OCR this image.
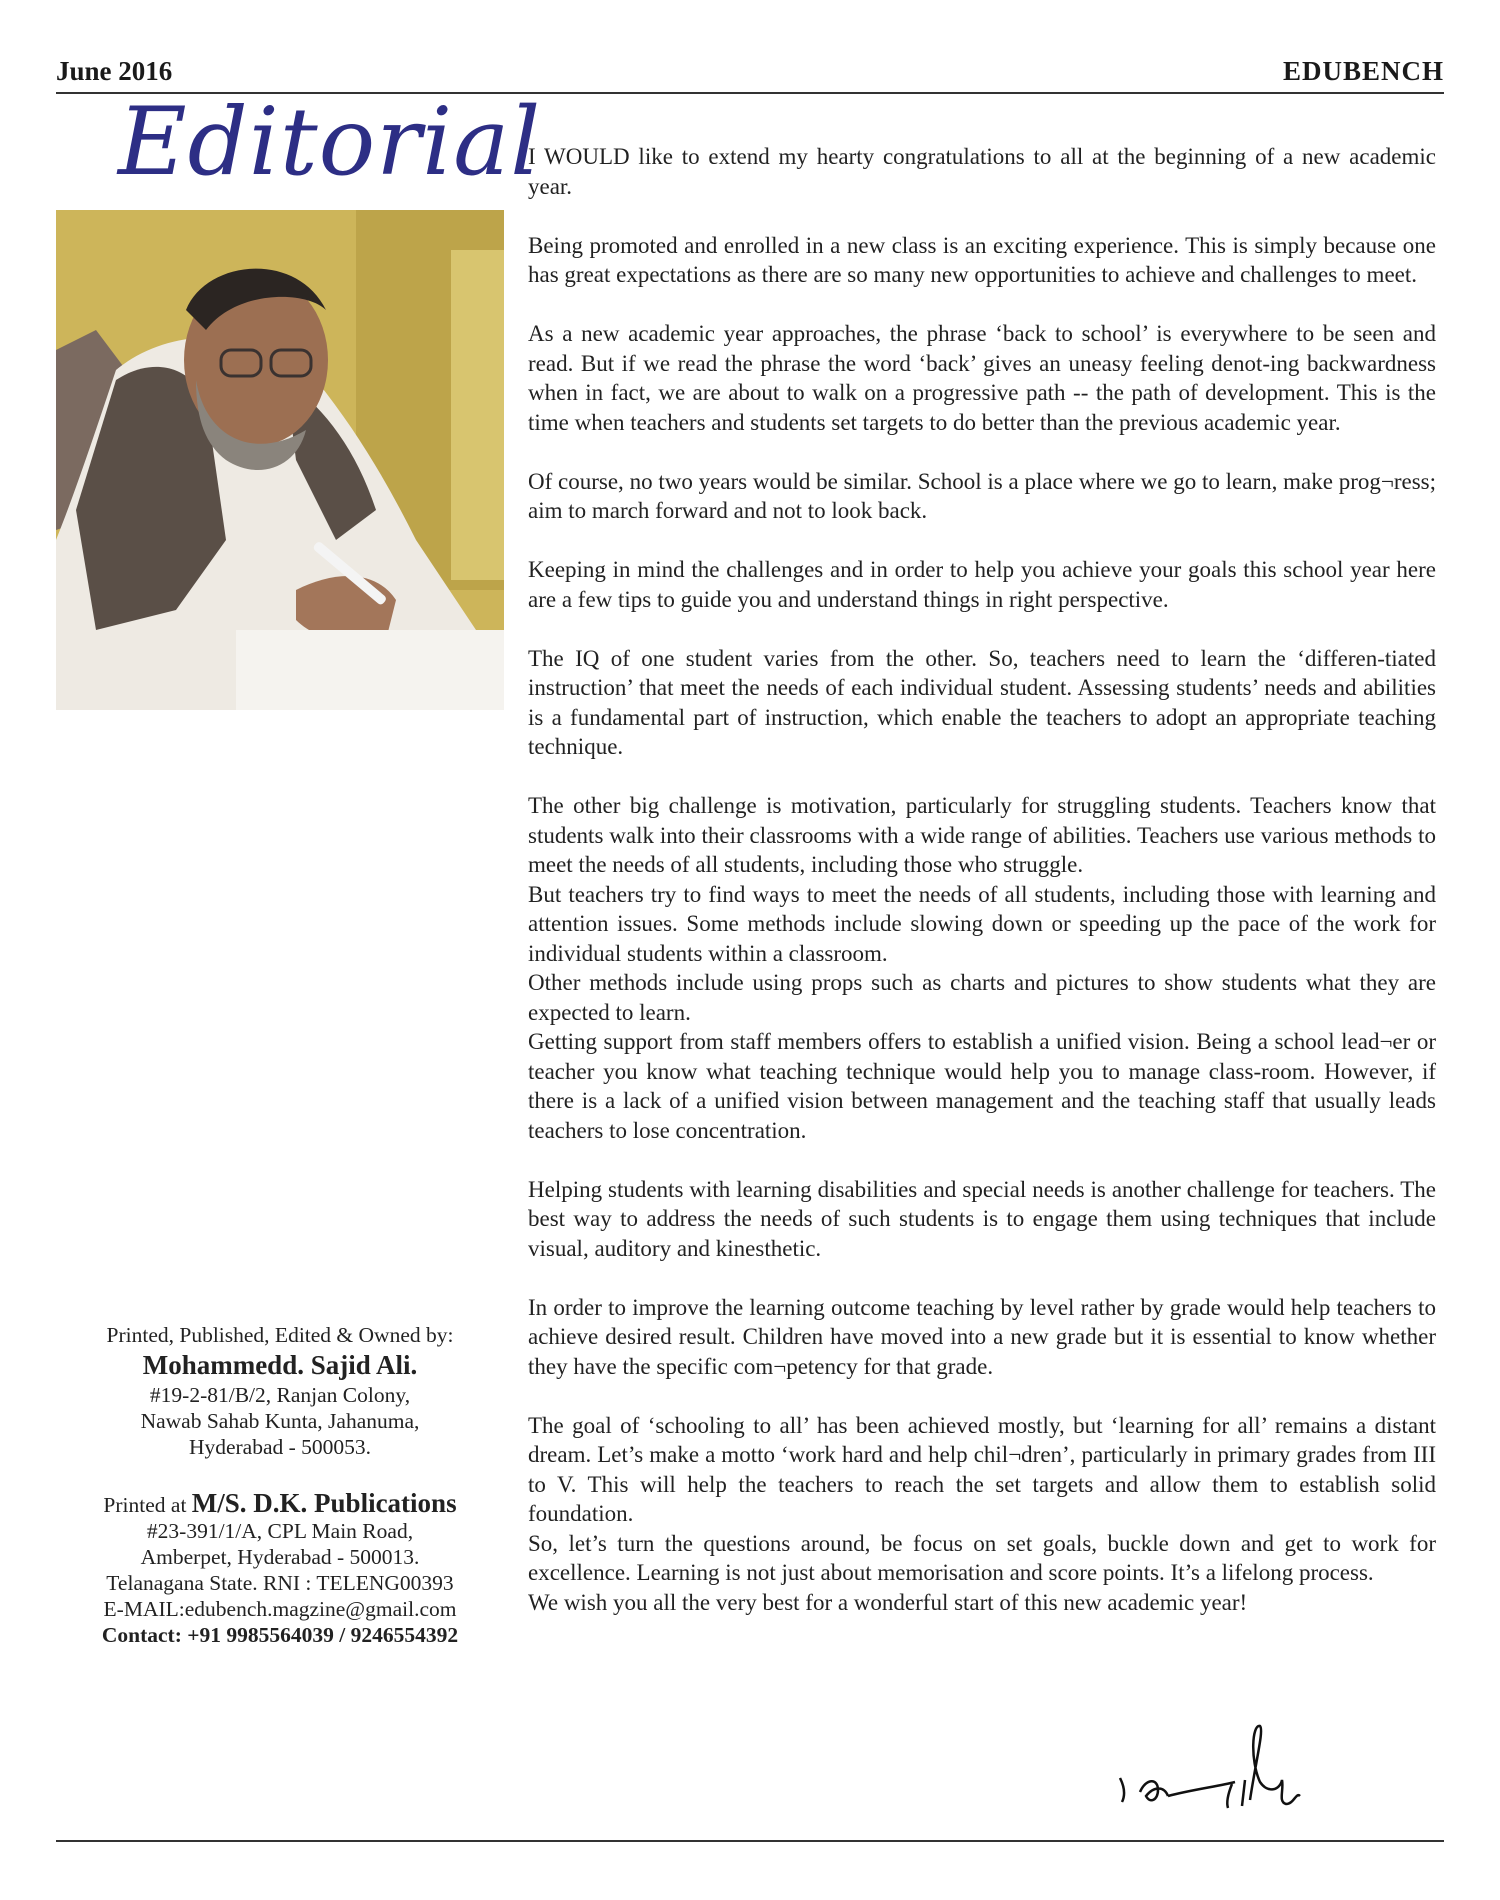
June 2016	EDUBENCH
Editorial

I WOULD like to extend my hearty congratulations to all at the beginning of a new academic year.

Being promoted and enrolled in a new class is an exciting experience. This is simply because one has great expectations as there are so many new opportunities to achieve and challenges to meet.

As a new academic year approaches, the phrase ‘back to school’ is everywhere to be seen and read. But if we read the phrase the word ‘back’ gives an uneasy feeling denot-ing backwardness when in fact, we are about to walk on a progressive path -- the path of development. This is the time when teachers and students set targets to do better than the previous academic year.

Of course, no two years would be similar. School is a place where we go to learn, make prog¬ress; aim to march forward and not to look back.

Keeping in mind the challenges and in order to help you achieve your goals this school year here are a few tips to guide you and understand things in right perspective.

The IQ of one student varies from the other. So, teachers need to learn the ‘differen-tiated instruction’ that meet the needs of each individual student. Assessing students’ needs and abilities is a fundamental part of instruction, which enable the teachers to adopt an appropriate teaching technique.

The other big challenge is motivation, particularly for struggling students. Teachers know that students walk into their classrooms with a wide range of abilities. Teachers use various methods to meet the needs of all students, including those who struggle.

But teachers try to find ways to meet the needs of all students, including those with learning and attention issues. Some methods include slowing down or speeding up the pace of the work for individual students within a classroom.

Other methods include using props such as charts and pictures to show students what they are expected to learn.

Getting support from staff members offers to establish a unified vision. Being a school lead¬er or teacher you know what teaching technique would help you to manage class-room. However, if there is a lack of a unified vision between management and the teaching staff that usually leads teachers to lose concentration.

Helping students with learning disabilities and special needs is another challenge for teachers. The best way to address the needs of such students is to engage them using techniques that include visual, auditory and kinesthetic.

In order to improve the learning outcome teaching by level rather by grade would help teachers to achieve desired result. Children have moved into a new grade but it is essential to know whether they have the specific com¬petency for that grade.

The goal of ‘schooling to all’ has been achieved mostly, but ‘learning for all’ remains a distant dream. Let’s make a motto ‘work hard and help chil¬dren’, particularly in primary grades from III to V. This will help the teachers to reach the set targets and allow them to establish solid foundation.

So, let’s turn the questions around, be focus on set goals, buckle down and get to work for excellence. Learning is not just about memorisation and score points. It’s a lifelong process.

We wish you all the very best for a wonderful start of this new academic year!

Printed, Published, Edited & Owned by:
Mohammedd. Sajid Ali.
#19-2-81/B/2, Ranjan Colony,
Nawab Sahab Kunta, Jahanuma,
Hyderabad - 500053.
Printed at M/S. D.K. Publications
#23-391/1/A, CPL Main Road,
Amberpet, Hyderabad - 500013.
Telanagana State. RNI : TELENG00393
E-MAIL:edubench.magzine@gmail.com
Contact: +91 9985564039 / 9246554392
